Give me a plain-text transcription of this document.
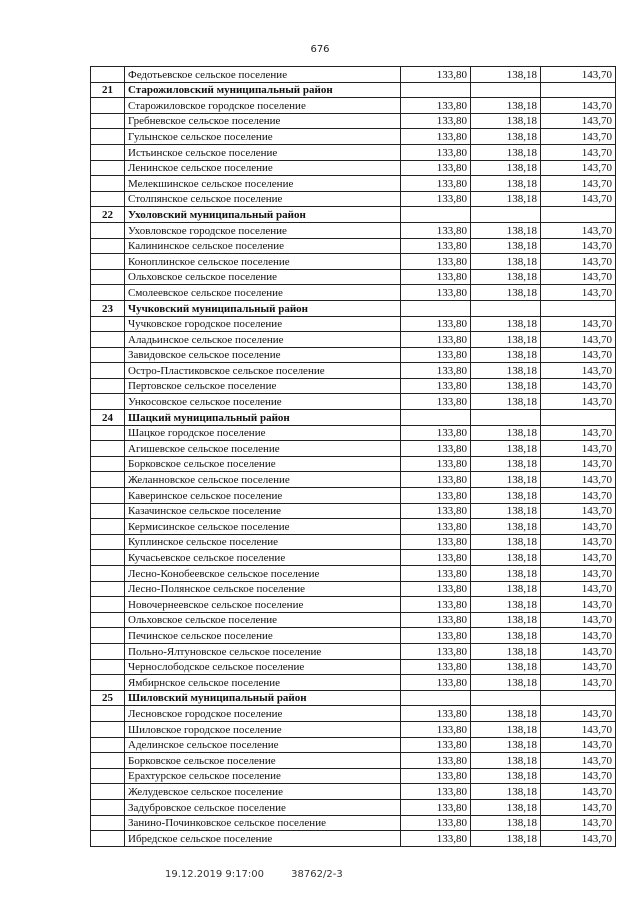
676
	Федотьевское сельское поселение	133,80	138,18	143,70
21	Старожиловский муниципальный район			
	Старожиловское городское поселение	133,80	138,18	143,70
	Гребневское сельское поселение	133,80	138,18	143,70
	Гулынское сельское поселение	133,80	138,18	143,70
	Истьинское сельское поселение	133,80	138,18	143,70
	Ленинское сельское поселение	133,80	138,18	143,70
	Мелекшинское сельское поселение	133,80	138,18	143,70
	Столпянское сельское поселение	133,80	138,18	143,70
22	Ухоловский муниципальный район			
	Уховловское городское поселение	133,80	138,18	143,70
	Калининское сельское поселение	133,80	138,18	143,70
	Коноплинское сельское поселение	133,80	138,18	143,70
	Ольховское сельское поселение	133,80	138,18	143,70
	Смолеевское сельское поселение	133,80	138,18	143,70
23	Чучковский муниципальный район			
	Чучковское городское поселение	133,80	138,18	143,70
	Аладьинское сельское поселение	133,80	138,18	143,70
	Завидовское сельское поселение	133,80	138,18	143,70
	Остро-Пластиковское сельское поселение	133,80	138,18	143,70
	Пертовское сельское поселение	133,80	138,18	143,70
	Ункосовское сельское поселение	133,80	138,18	143,70
24	Шацкий муниципальный район			
	Шацкое городское поселение	133,80	138,18	143,70
	Агишевское сельское поселение	133,80	138,18	143,70
	Борковское сельское поселение	133,80	138,18	143,70
	Желанновское сельское поселение	133,80	138,18	143,70
	Каверинское сельское поселение	133,80	138,18	143,70
	Казачинское сельское поселение	133,80	138,18	143,70
	Кермисинское сельское поселение	133,80	138,18	143,70
	Куплинское сельское поселение	133,80	138,18	143,70
	Кучасьевское сельское поселение	133,80	138,18	143,70
	Лесно-Конобеевское сельское поселение	133,80	138,18	143,70
	Лесно-Полянское сельское поселение	133,80	138,18	143,70
	Новочернеевское сельское поселение	133,80	138,18	143,70
	Ольховское сельское поселение	133,80	138,18	143,70
	Печинское сельское поселение	133,80	138,18	143,70
	Польно-Ялтуновское сельское поселение	133,80	138,18	143,70
	Чернослободское сельское поселение	133,80	138,18	143,70
	Ямбирнское сельское поселение	133,80	138,18	143,70
25	Шиловский муниципальный район			
	Лесновское городское поселение	133,80	138,18	143,70
	Шиловское городское поселение	133,80	138,18	143,70
	Аделинское сельское поселение	133,80	138,18	143,70
	Борковское сельское поселение	133,80	138,18	143,70
	Ерахтурское сельское поселение	133,80	138,18	143,70
	Желудевское сельское поселение	133,80	138,18	143,70
	Задубровское сельское поселение	133,80	138,18	143,70
	Занино-Починковское сельское поселение	133,80	138,18	143,70
	Ибредское сельское поселение	133,80	138,18	143,70
19.12.2019 9:17:00	38762/2-3
